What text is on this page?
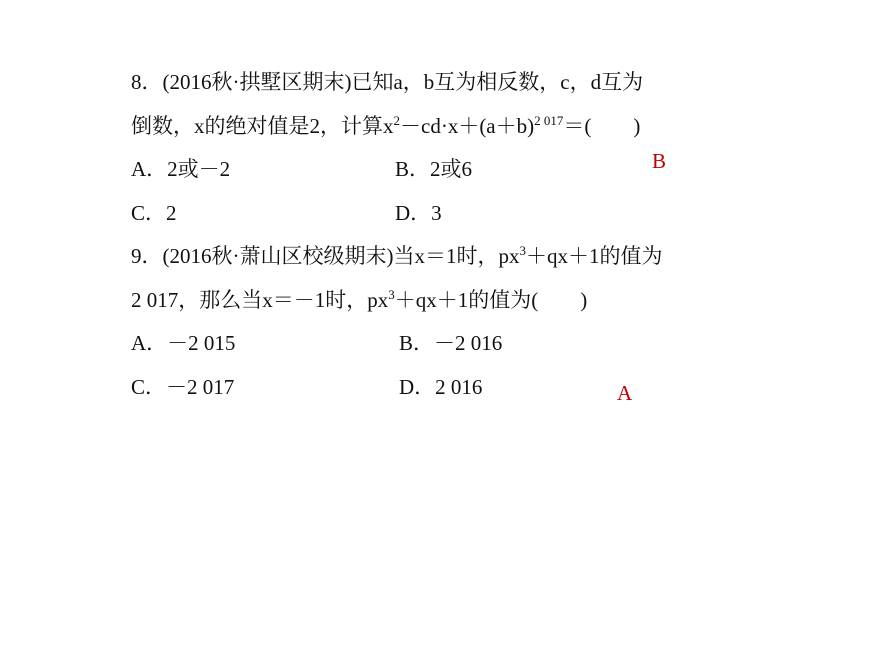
8．(2016秋·拱墅区期末)已知a，b互为相反数，c，d互为
倒数，x的绝对值是2，计算$x^2-cd\cdot x+(a+b)^{2 017}=$(　　)
A．2或－2	B．2或6	B
C．2	D．3
9．(2016秋·萧山区校级期末)当x＝1时，$px^3+qx+1$的值为
2 017，那么当x＝－1时，$px^3+qx+1$的值为(　　)
A．－2 015	B．－2 016
C．－2 017	D．2 016	A
